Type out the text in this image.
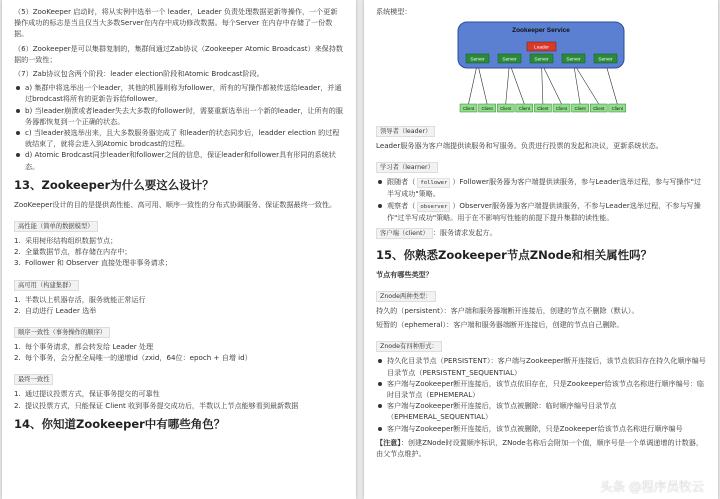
（5）ZooKeeper 启动时，将从实例中选举一个 leader，Leader 负责处理数据更新等操作，一个更新操作成功的标志是当且仅当大多数Server在内存中成功修改数据。每个Server 在内存中存储了一份数据。

（6）Zookeeper是可以集群复制的，集群间通过Zab协议（Zookeeper Atomic Broadcast）来保持数据的一致性；

（7）Zab协议包含两个阶段：leader election阶段和Atomic Brodcast阶段。

a) 集群中将选举出一个leader，其他的机器则称为follower，所有的写操作都被传送给leader，并通过brodcast将所有的更新告诉给follower。
b) 当leader崩溃或者leader失去大多数的follower时，需要重新选举出一个新的leader，让所有的服务器都恢复到一个正确的状态。
c) 当leader被选举出来，且大多数服务器完成了 和leader的状态同步后，leadder election 的过程就结束了，就将会进入到Atomic brodcast的过程。
d) Atomic Brodcast同步leader和follower之间的信息，保证leader和follower具有形同的系统状态。
13、Zookeeper为什么要这么设计？

ZooKeeper设计的目的是提供高性能、高可用、顺序一致性的分布式协调服务、保证数据最终一致性。

高性能（简单的数据模型）
1. 采用树形结构组织数据节点；
2. 全量数据节点，都存储在内存中；
3. Follower 和 Observer 直接处理非事务请求；
高可用（构建集群）
1. 半数以上机器存活，服务就能正常运行
2. 自动进行 Leader 选举
顺序一致性（事务操作的顺序）
1. 每个事务请求，都会转发给 Leader 处理
2. 每个事务，会分配全局唯一的递增id（zxid，64位：epoch + 自增 id）
最终一致性
1. 通过提议投票方式，保证事务提交的可靠性
2. 提议投票方式，只能保证 Client 收到事务提交成功后，半数以上节点能够看到最新数据
14、你知道Zookeeper中有哪些角色？

系统模型：

Zookeeper Service
Server	Server	Server	Server	Server
Leader
Client Client Client Client Client Client Client Client Client
领导者（leader）

Leader服务器为客户端提供读服务和写服务。负责进行投票的发起和决议，更新系统状态。

学习者（learner）
跟随者（ follower ）Follower服务器为客户端提供读服务，参与Leader选举过程，参与写操作"过半写成功"策略。
观察者（ observer ）Observer服务器为客户端提供读服务，不参与Leader选举过程，不参与写操作"过半写成功"策略。用于在不影响写性能的前提下提升集群的读性能。

客户端（client） ：服务请求发起方。

15、你熟悉Zookeeper节点ZNode和相关属性吗？

节点有哪些类型？

Znode两种类型：

持久的（persistent）：客户端和服务器端断开连接后，创建的节点不删除（默认）。

短暂的（ephemeral）：客户端和服务器端断开连接后，创建的节点自己删除。

Znode有四种形式：
持久化目录节点（PERSISTENT）：客户端与Zookeeper断开连接后，该节点依旧存在持久化顺序编号目录节点（PERSISTENT_SEQUENTIAL）
客户端与Zookeeper断开连接后，该节点依旧存在，只是Zookeeper给该节点名称进行顺序编号：临时目录节点（EPHEMERAL）
客户端与Zookeeper断开连接后，该节点被删除：临时顺序编号目录节点（EPHEMERAL_SEQUENTIAL）
客户端与Zookeeper断开连接后，该节点被删除，只是Zookeeper给该节点名称进行顺序编号

【注意】：创建ZNode时设置顺序标识，ZNode名称后会附加一个值，顺序号是一个单调递增的计数器，由父节点维护。

头条 @程序员牧云
